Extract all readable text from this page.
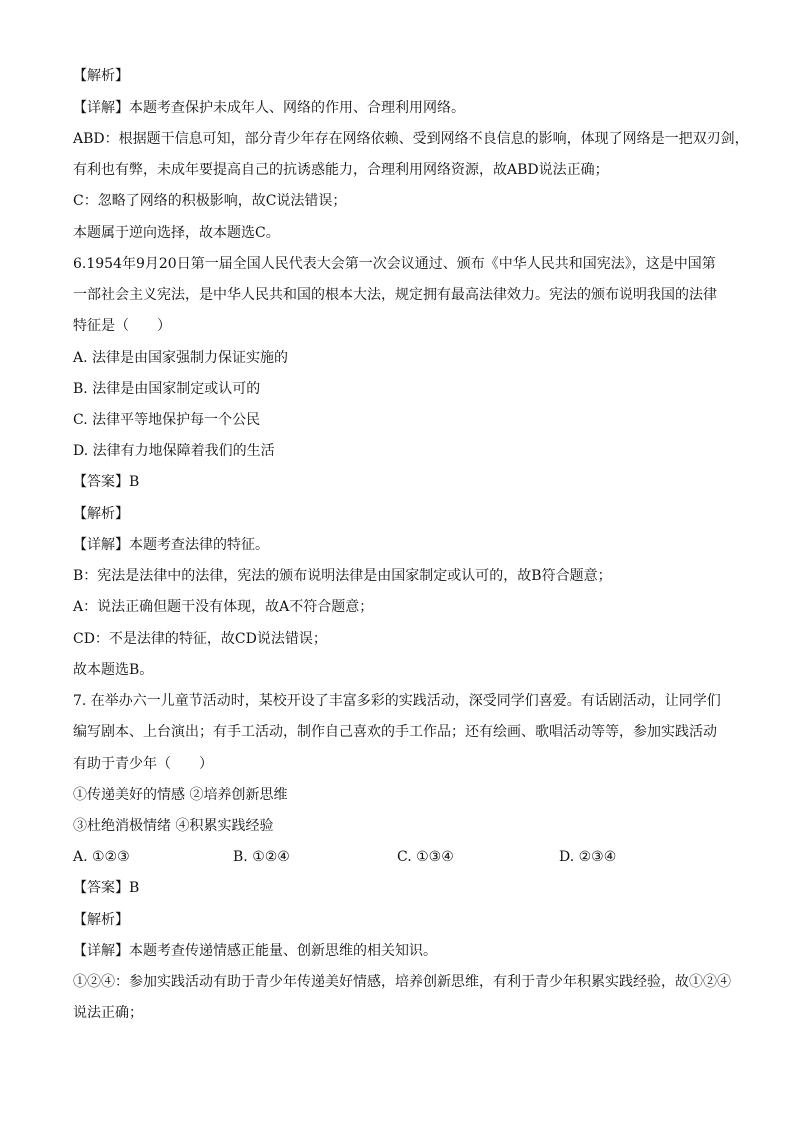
【解析】
【详解】本题考查保护未成年人、网络的作用、合理利用网络。
ABD：根据题干信息可知，部分青少年存在网络依赖、受到网络不良信息的影响，体现了网络是一把双刃剑，
有利也有弊，未成年要提高自己的抗诱惑能力，合理利用网络资源，故ABD说法正确；
C：忽略了网络的积极影响，故C说法错误；
本题属于逆向选择，故本题选C。
6.1954年9月20日第一届全国人民代表大会第一次会议通过、颁布《中华人民共和国宪法》，这是中国第
一部社会主义宪法，是中华人民共和国的根本大法，规定拥有最高法律效力。宪法的颁布说明我国的法律
特征是（　　）
A. 法律是由国家强制力保证实施的
B. 法律是由国家制定或认可的
C. 法律平等地保护每一个公民
D. 法律有力地保障着我们的生活
【答案】B
【解析】
【详解】本题考查法律的特征。
B：宪法是法律中的法律，宪法的颁布说明法律是由国家制定或认可的，故B符合题意；
A：说法正确但题干没有体现，故A不符合题意；
CD：不是法律的特征，故CD说法错误；
故本题选B。
7. 在举办六一儿童节活动时，某校开设了丰富多彩的实践活动，深受同学们喜爱。有话剧活动，让同学们
编写剧本、上台演出；有手工活动，制作自己喜欢的手工作品；还有绘画、歌唱活动等等，参加实践活动
有助于青少年（　　）
①传递美好的情感 ②培养创新思维
③杜绝消极情绪 ④积累实践经验
A. ①②③	B. ①②④	C. ①③④	D. ②③④
【答案】B
【解析】
【详解】本题考查传递情感正能量、创新思维的相关知识。
①②④：参加实践活动有助于青少年传递美好情感，培养创新思维，有利于青少年积累实践经验，故①②④
说法正确；
